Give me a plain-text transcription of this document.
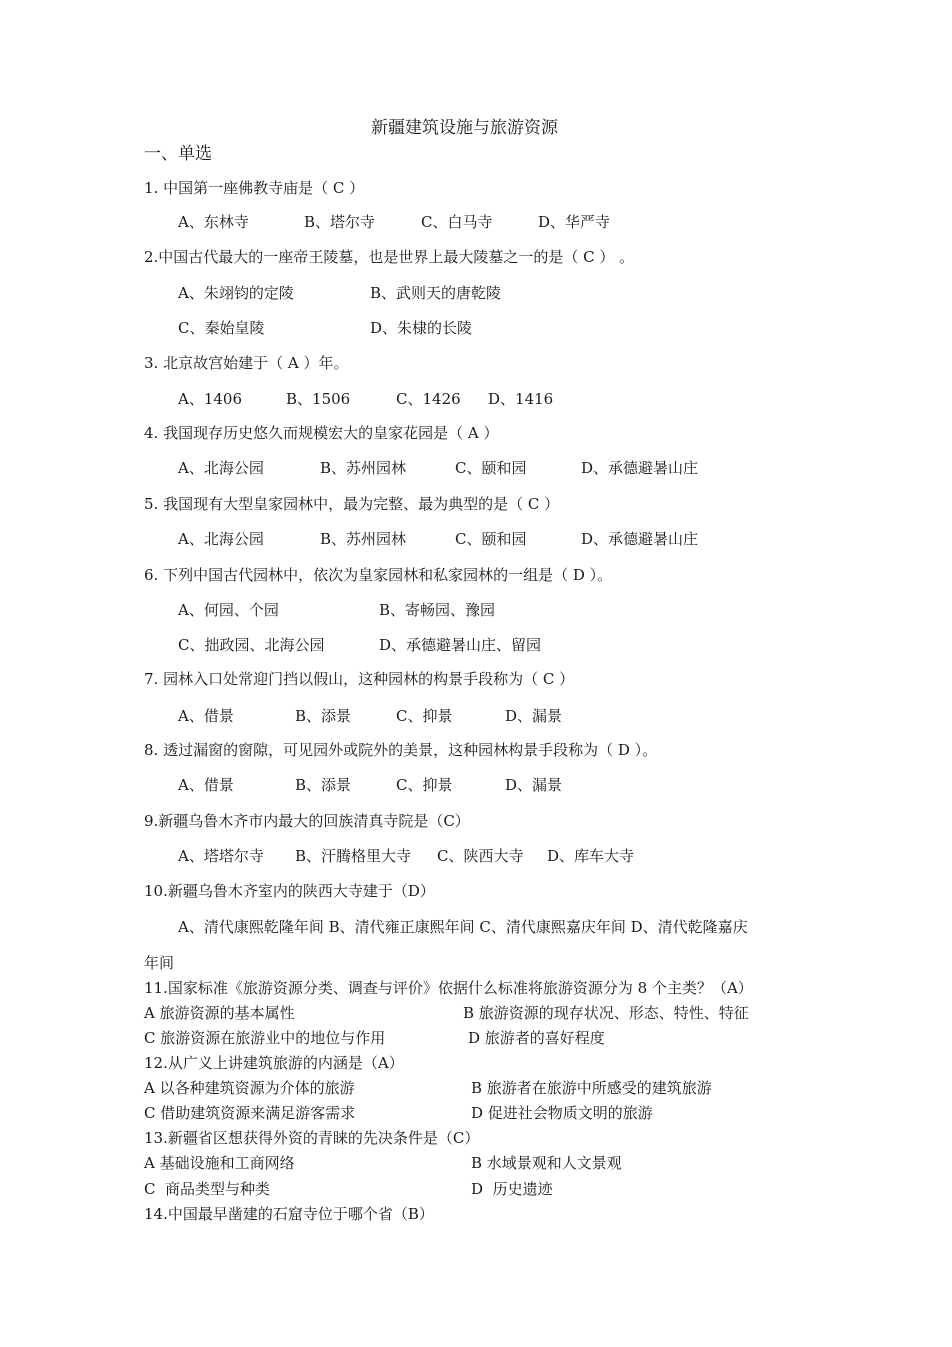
新疆建筑设施与旅游资源
一、单选
1. 中国第一座佛教寺庙是（ C ）
A、东林寺	B、塔尔寺	C、白马寺	D、华严寺
2.中国古代最大的一座帝王陵墓，也是世界上最大陵墓之一的是（ C ） 。
A、朱翊钧的定陵	B、武则天的唐乾陵
C、秦始皇陵	D、朱棣的长陵
3. 北京故宫始建于（ A ）年。
A、1406	B、1506	C、1426 D、1416
4. 我国现存历史悠久而规模宏大的皇家花园是（ A ）
A、北海公园	B、苏州园林	C、颐和园	D、承德避暑山庄
5. 我国现有大型皇家园林中，最为完整、最为典型的是（ C ）
A、北海公园	B、苏州园林	C、颐和园	D、承德避暑山庄
6. 下列中国古代园林中，依次为皇家园林和私家园林的一组是（ D ）。
A、何园、个园	B、寄畅园、豫园
C、拙政园、北海公园	D、承德避暑山庄、留园
7. 园林入口处常迎门挡以假山，这种园林的构景手段称为（ C ）
A、借景	B、添景	C、抑景	D、漏景
8. 透过漏窗的窗隙，可见园外或院外的美景，这种园林构景手段称为（ D ）。
A、借景	B、添景	C、抑景	D、漏景
9.新疆乌鲁木齐市内最大的回族清真寺院是（C）
A、塔塔尔寺 B、汗腾格里大寺 C、陕西大寺 D、库车大寺
10.新疆乌鲁木齐室内的陕西大寺建于（D）
A、清代康熙乾隆年间 B、清代雍正康熙年间 C、清代康熙嘉庆年间 D、清代乾隆嘉庆
年间
11.国家标准《旅游资源分类、调查与评价》依据什么标准将旅游资源分为 8 个主类？（A）
A 旅游资源的基本属性	B 旅游资源的现存状况、形态、特性、特征
C 旅游资源在旅游业中的地位与作用	D 旅游者的喜好程度
12.从广义上讲建筑旅游的内涵是（A）
A 以各种建筑资源为介体的旅游	B 旅游者在旅游中所感受的建筑旅游
C 借助建筑资源来满足游客需求	D 促进社会物质文明的旅游
13.新疆省区想获得外资的青睐的先决条件是（C）
A 基础设施和工商网络	B 水域景观和人文景观
C  商品类型与种类	D  历史遗迹
14.中国最早凿建的石窟寺位于哪个省（B）
